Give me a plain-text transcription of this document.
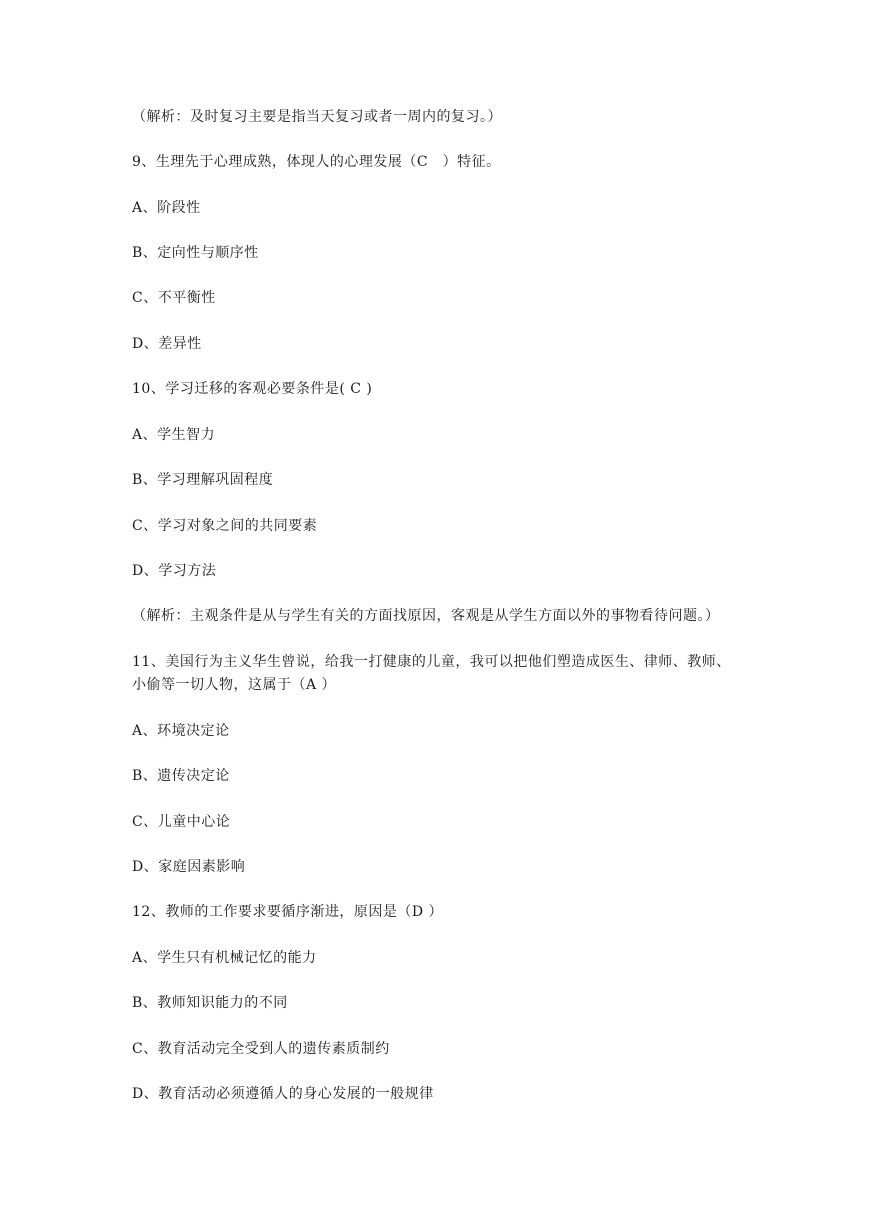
（解析：及时复习主要是指当天复习或者一周内的复习。）
9、生理先于心理成熟，体现人的心理发展（C　）特征。
A、阶段性
B、定向性与顺序性
C、不平衡性
D、差异性
10、学习迁移的客观必要条件是( C )
A、学生智力
B、学习理解巩固程度
C、学习对象之间的共同要素
D、学习方法
（解析：主观条件是从与学生有关的方面找原因，客观是从学生方面以外的事物看待问题。）
11、美国行为主义华生曾说，给我一打健康的儿童，我可以把他们塑造成医生、律师、教师、
小偷等一切人物，这属于（A ）
A、环境决定论
B、遗传决定论
C、儿童中心论
D、家庭因素影响
12、教师的工作要求要循序渐进，原因是（D ）
A、学生只有机械记忆的能力
B、教师知识能力的不同
C、教育活动完全受到人的遗传素质制约
D、教育活动必须遵循人的身心发展的一般规律
